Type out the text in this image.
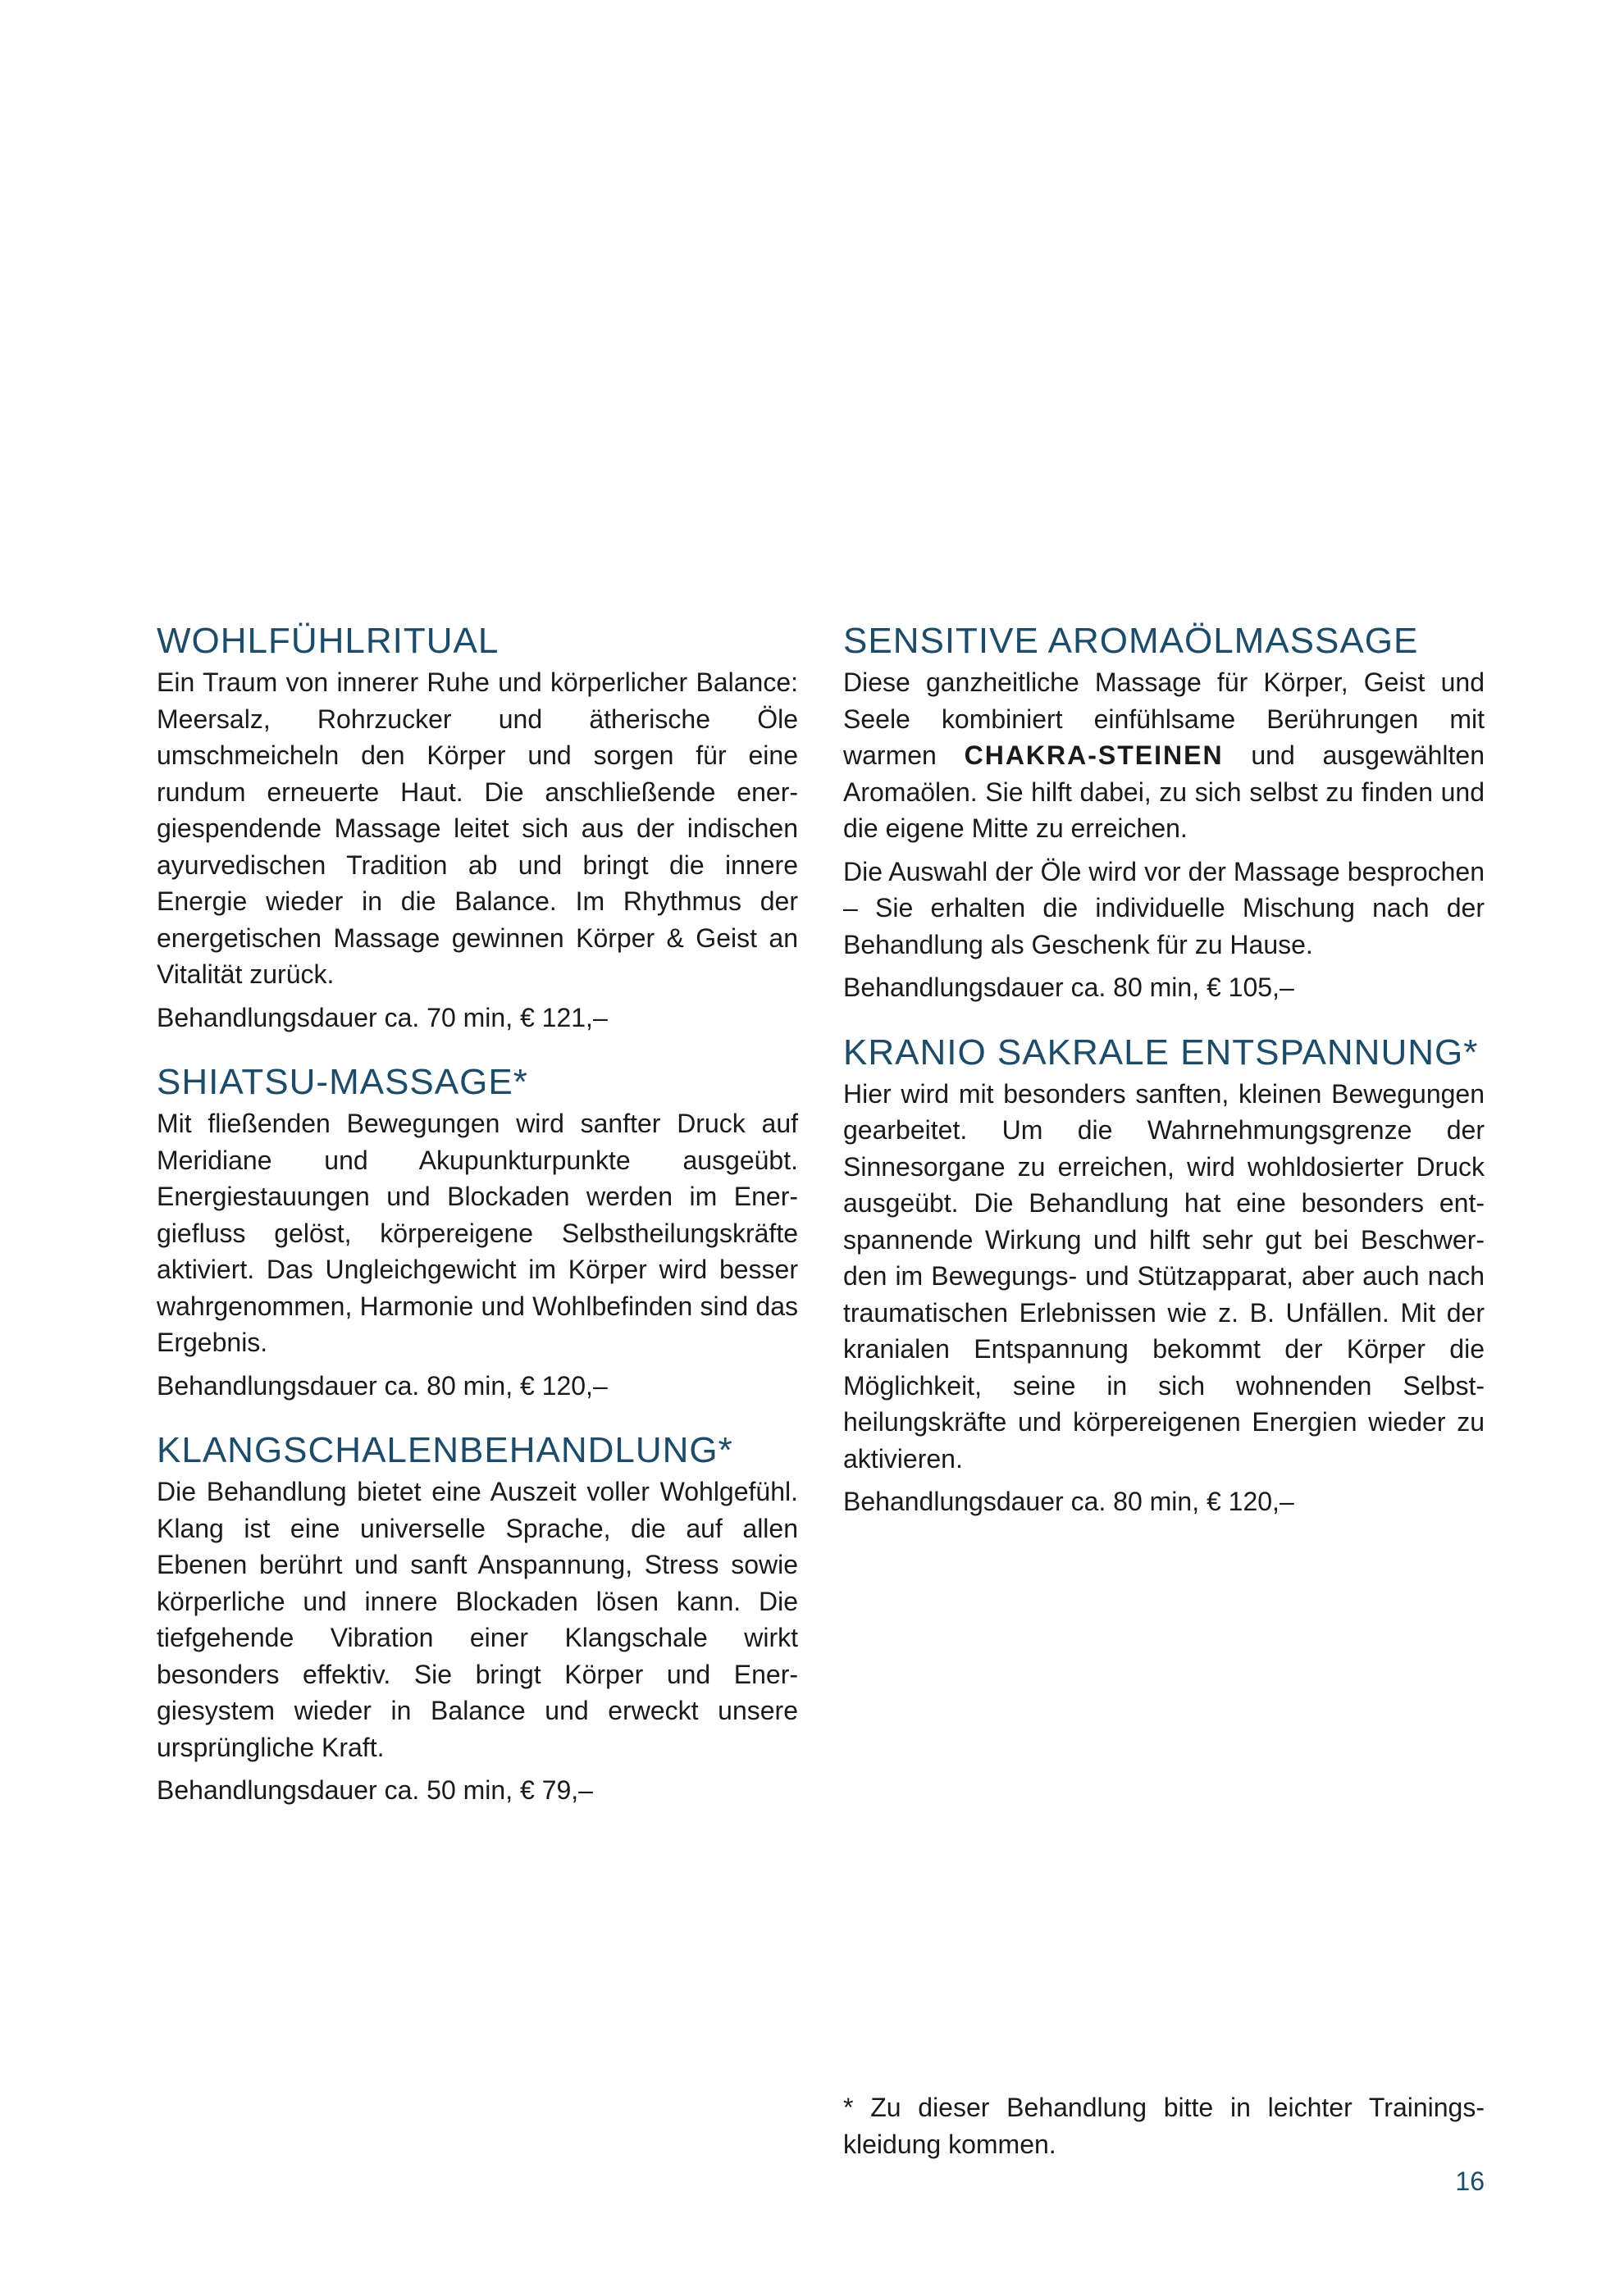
WOHLFÜHLRITUAL

Ein Traum von innerer Ruhe und körperlicher Balance: Meersalz, Rohrzucker und ätherische Öle umschmeicheln den Körper und sorgen für eine rundum erneuerte Haut. Die anschließende energiespendende Massage leitet sich aus der indischen ayurvedischen Tradition ab und bringt die innere Energie wieder in die Balance. Im Rhythmus der energetischen Massage gewinnen Körper & Geist an Vitalität zurück.

Behandlungsdauer ca. 70 min, € 121,–

SHIATSU-MASSAGE*

Mit fließenden Bewegungen wird sanfter Druck auf Meridiane und Akupunkturpunkte ausgeübt. Energiestauungen und Blockaden werden im Energiefluss gelöst, körpereigene Selbstheilungskräfte aktiviert. Das Ungleichgewicht im Körper wird besser wahrgenommen, Harmonie und Wohlbefinden sind das Ergebnis.

Behandlungsdauer ca. 80 min, € 120,–

KLANGSCHALENBEHANDLUNG*

Die Behandlung bietet eine Auszeit voller Wohlgefühl. Klang ist eine universelle Sprache, die auf allen Ebenen berührt und sanft Anspannung, Stress sowie körperliche und innere Blockaden lösen kann. Die tiefgehende Vibration einer Klangschale wirkt besonders effektiv. Sie bringt Körper und Energiesystem wieder in Balance und erweckt unsere ursprüngliche Kraft.

Behandlungsdauer ca. 50 min, € 79,–

SENSITIVE AROMAÖLMASSAGE

Diese ganzheitliche Massage für Körper, Geist und Seele kombiniert einfühlsame Berührungen mit warmen CHAKRA-STEINEN und ausgewählten Aromaölen. Sie hilft dabei, zu sich selbst zu finden und die eigene Mitte zu erreichen.

Die Auswahl der Öle wird vor der Massage besprochen – Sie erhalten die individuelle Mischung nach der Behandlung als Geschenk für zu Hause.

Behandlungsdauer ca. 80 min, € 105,–

KRANIO SAKRALE ENTSPANNUNG*

Hier wird mit besonders sanften, kleinen Bewegungen gearbeitet. Um die Wahrnehmungsgrenze der Sinnesorgane zu erreichen, wird wohldosierter Druck ausgeübt. Die Behandlung hat eine besonders entspannende Wirkung und hilft sehr gut bei Beschwerden im Bewegungs- und Stützapparat, aber auch nach traumatischen Erlebnissen wie z. B. Unfällen. Mit der kranialen Entspannung bekommt der Körper die Möglichkeit, seine in sich wohnenden Selbstheilungskräfte und körpereigenen Energien wieder zu aktivieren.

Behandlungsdauer ca. 80 min, € 120,–

* Zu dieser Behandlung bitte in leichter Trainingskleidung kommen.

16
